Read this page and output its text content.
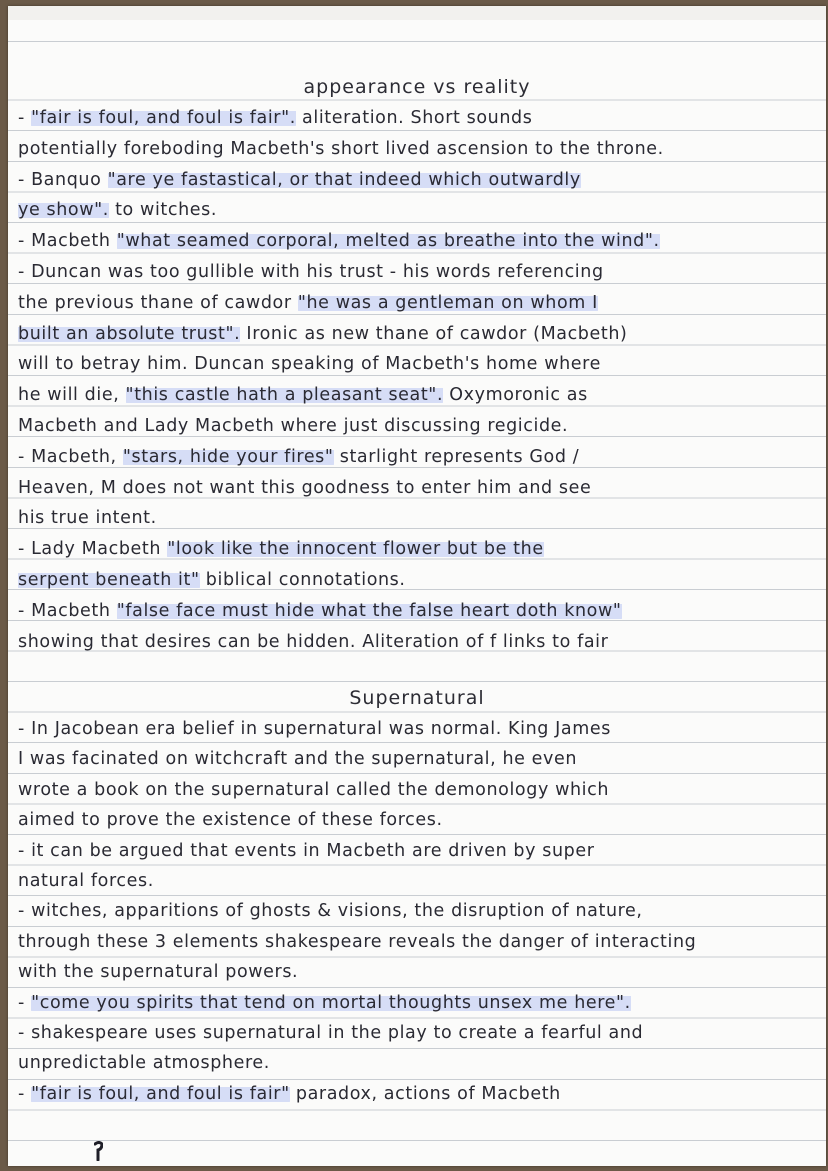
appearance vs reality
- "fair is foul, and foul is fair". aliteration. Short sounds
potentially foreboding Macbeth's short lived ascension to the throne.
- Banquo "are ye fastastical, or that indeed which outwardly
ye show". to witches.
- Macbeth "what seamed corporal, melted as breathe into the wind".
- Duncan was too gullible with his trust - his words referencing
the previous thane of cawdor "he was a gentleman on whom I
built an absolute trust". Ironic as new thane of cawdor (Macbeth)
will to betray him. Duncan speaking of Macbeth's home where
he will die, "this castle hath a pleasant seat". Oxymoronic as
Macbeth and Lady Macbeth where just discussing regicide.
- Macbeth, "stars, hide your fires" starlight represents God /
Heaven, M does not want this goodness to enter him and see
his true intent.
- Lady Macbeth "look like the innocent flower but be the
serpent beneath it" biblical connotations.
- Macbeth "false face must hide what the false heart doth know"
showing that desires can be hidden. Aliteration of f links to fair
Supernatural
- In Jacobean era belief in supernatural was normal. King James
I was facinated on witchcraft and the supernatural, he even
wrote a book on the supernatural called the demonology which
aimed to prove the existence of these forces.
- it can be argued that events in Macbeth are driven by super
natural forces.
- witches, apparitions of ghosts & visions, the disruption of nature,
through these 3 elements shakespeare reveals the danger of interacting
with the supernatural powers.
- "come you spirits that tend on mortal thoughts unsex me here".
- shakespeare uses supernatural in the play to create a fearful and
unpredictable atmosphere.
- "fair is foul, and foul is fair" paradox, actions of Macbeth
